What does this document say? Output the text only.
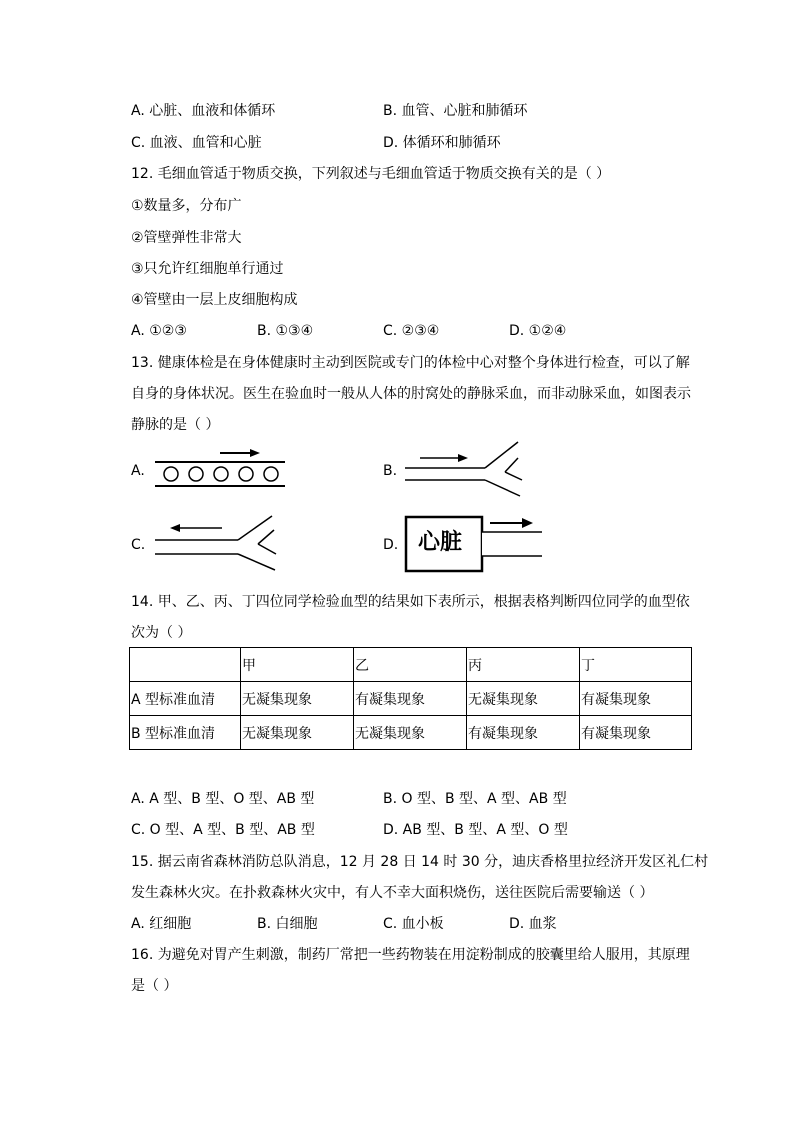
A. 心脏、血液和体循环	B. 血管、心脏和肺循环
C. 血液、血管和心脏	D. 体循环和肺循环
12. 毛细血管适于物质交换，下列叙述与毛细血管适于物质交换有关的是（ ）
①数量多，分布广
②管壁弹性非常大
③只允许红细胞单行通过
④管壁由一层上皮细胞构成
A. ①②③	B. ①③④	C. ②③④	D. ①②④
13. 健康体检是在身体健康时主动到医院或专门的体检中心对整个身体进行检查，可以了解
自身的身体状况。医生在验血时一般从人体的肘窝处的静脉采血，而非动脉采血，如图表示
静脉的是（ ）
A.	B.
C.	D. 心脏
14. 甲、乙、丙、丁四位同学检验血型的结果如下表所示，根据表格判断四位同学的血型依
次为（ ）
	甲	乙	丙	丁
A 型标准血清	无凝集现象	有凝集现象	无凝集现象	有凝集现象
B 型标准血清	无凝集现象	无凝集现象	有凝集现象	有凝集现象
A. A 型、B 型、O 型、AB 型	B. O 型、B 型、A 型、AB 型
C. O 型、A 型、B 型、AB 型	D. AB 型、B 型、A 型、O 型
15. 据云南省森林消防总队消息，12 月 28 日 14 时 30 分，迪庆香格里拉经济开发区礼仁村
发生森林火灾。在扑救森林火灾中，有人不幸大面积烧伤，送往医院后需要输送（ ）
A. 红细胞	B. 白细胞	C. 血小板	D. 血浆
16. 为避免对胃产生刺激，制药厂常把一些药物装在用淀粉制成的胶囊里给人服用，其原理
是（ ）
